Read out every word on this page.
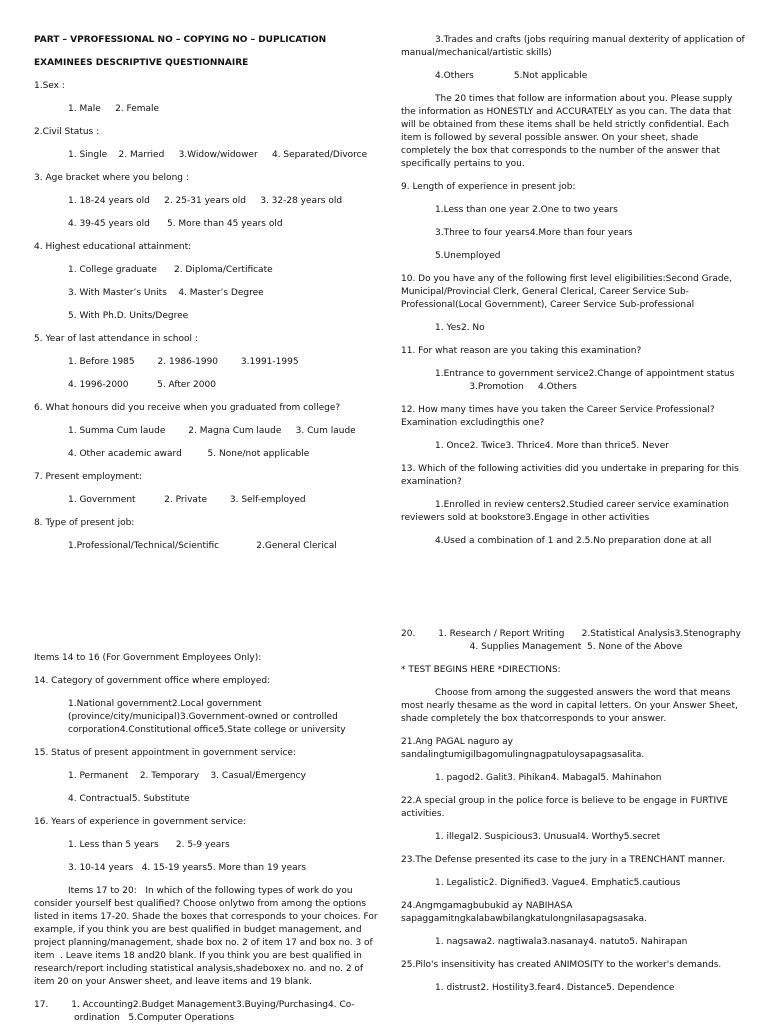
PART – VPROFESSIONAL NO – COPYING NO – DUPLICATION

EXAMINEES DESCRIPTIVE QUESTIONNAIRE

1.Sex :

1. Male     2. Female

2.Civil Status :

1. Single    2. Married     3.Widow/widower     4. Separated/Divorce

3. Age bracket where you belong :

1. 18-24 years old     2. 25-31 years old     3. 32-28 years old

4. 39-45 years old      5. More than 45 years old

4. Highest educational attainment:

1. College graduate      2. Diploma/Certificate

3. With Master’s Units    4. Master’s Degree

5. With Ph.D. Units/Degree

5. Year of last attendance in school :

1. Before 1985        2. 1986-1990        3.1991-1995

4. 1996-2000          5. After 2000

6. What honours did you receive when you graduated from college?

1. Summa Cum laude        2. Magna Cum laude     3. Cum laude

4. Other academic award         5. None/not applicable

7. Present employment:

1. Government          2. Private        3. Self-employed

8. Type of present job:

1.Professional/Technical/Scientific             2.General Clerical

3.Trades and crafts (jobs requiring manual dexterity of application of manual/mechanical/artistic skills)

4.Others              5.Not applicable

The 20 times that follow are information about you. Please supply the information as HONESTLY and ACCURATELY as you can. The data that will be obtained from these items shall be held strictly confidential. Each item is followed by several possible answer. On your sheet, shade completely the box that corresponds to the number of the answer that specifically pertains to you.

9. Length of experience in present job:

1.Less than one year 2.One to two years

3.Three to four years4.More than four years

5.Unemployed

10. Do you have any of the following first level eligibilities:Second Grade, Municipal/Provincial Clerk, General Clerical, Career Service Sub-Professional(Local Government), Career Service Sub-professional

1. Yes2. No

11. For what reason are you taking this examination?

1.Entrance to government service2.Change of appointment status
3.Promotion     4.Others

12. How many times have you taken the Career Service Professional? Examination excludingthis one?

1. Once2. Twice3. Thrice4. More than thrice5. Never

13. Which of the following activities did you undertake in preparing for this examination?

1.Enrolled in review centers2.Studied career service examination reviewers sold at bookstore3.Engage in other activities

4.Used a combination of 1 and 2.5.No preparation done at all

Items 14 to 16 (For Government Employees Only):

14. Category of government office where employed:

1.National government2.Local government (province/city/municipal)3.Government-owned or controlled corporation4.Constitutional office5.State college or university

15. Status of present appointment in government service:

1. Permanent    2. Temporary    3. Casual/Emergency

4. Contractual5. Substitute

16. Years of experience in government service:

1. Less than 5 years      2. 5-9 years

3. 10-14 years   4. 15-19 years5. More than 19 years

Items 17 to 20:   In which of the following types of work do you consider yourself best qualified? Choose onlytwo from among the options listed in items 17-20. Shade the boxes that corresponds to your choices. For example, if you think you are best qualified in budget management, and project planning/management, shade box no. 2 of item 17 and box no. 3 of item  . Leave items 18 and20 blank. If you think you are best qualified in research/report including statistical analysis,shadeboxex no. and no. 2 of item 20 on your Answer sheet, and leave items and 19 blank.

17.        1. Accounting2.Budget Management3.Buying/Purchasing4. Co-
ordination   5.Computer Operations

20.        1. Research / Report Writing      2.Statistical Analysis3.Stenography
4. Supplies Management  5. None of the Above

* TEST BEGINS HERE *DIRECTIONS:

Choose from among the suggested answers the word that means most nearly thesame as the word in capital letters. On your Answer Sheet, shade completely the box thatcorresponds to your answer.

21.Ang PAGAL naguro ay sandalingtumigilbagomulingnagpatuloysapagsasalita.

1. pagod2. Galit3. Pihikan4. Mabagal5. Mahinahon

22.A special group in the police force is believe to be engage in FURTIVE activities.

1. illegal2. Suspicious3. Unusual4. Worthy5.secret

23.The Defense presented its case to the jury in a TRENCHANT manner.

1. Legalistic2. Dignified3. Vague4. Emphatic5.cautious

24.Angmgamagbubukid ay NABIHASA sapaggamitngkalabawbilangkatulongnilasapagsasaka.

1. nagsawa2. nagtiwala3.nasanay4. natuto5. Nahirapan

25.Pilo's insensitivity has created ANIMOSITY to the worker's demands.

1. distrust2. Hostility3.fear4. Distance5. Dependence
